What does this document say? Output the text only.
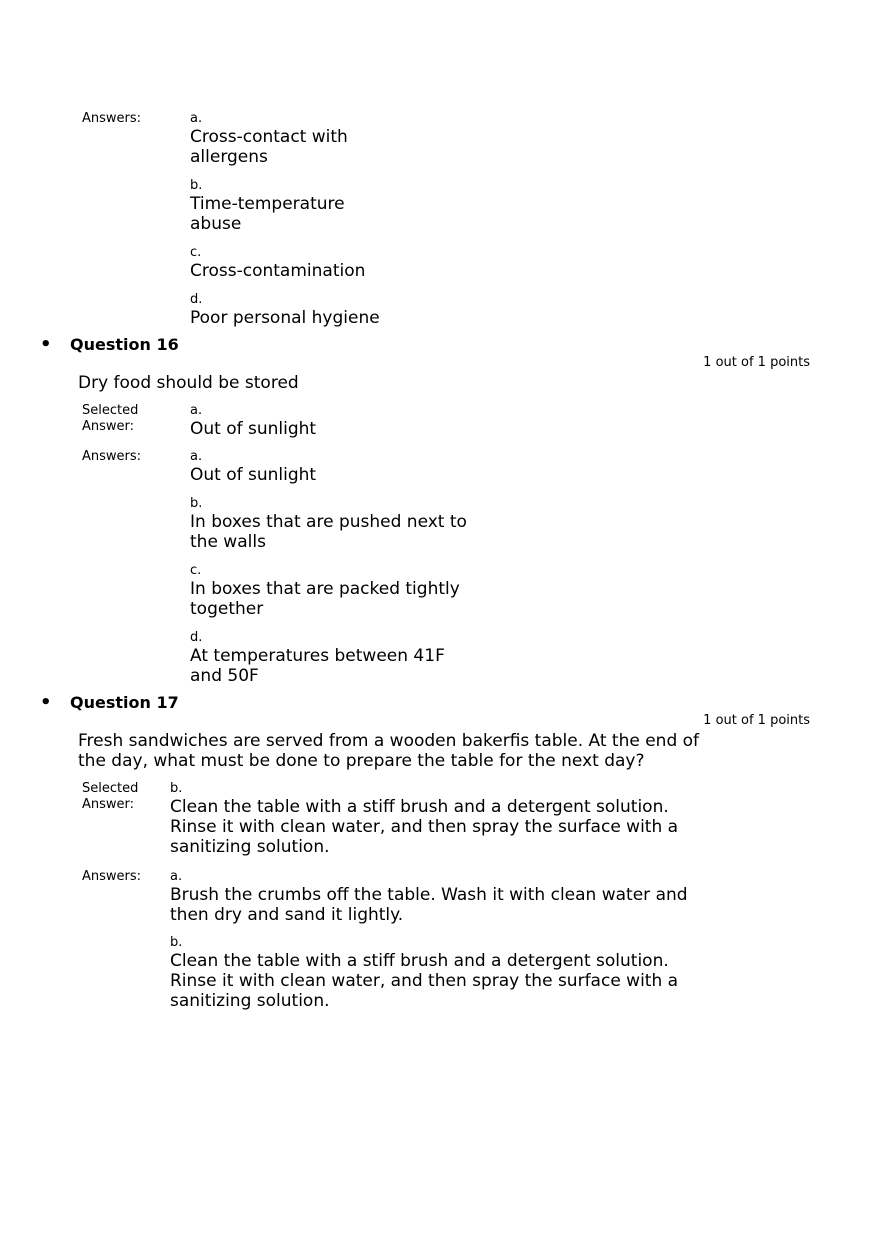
Answers:	a.
Cross-contact with allergens
b.
Time-temperature abuse
c.
Cross-contamination
d.
Poor personal hygiene
• Question 16
1 out of 1 points
Dry food should be stored
Selected
Answer:
a.
Out of sunlight
Answers:	a.
Out of sunlight
b.
In boxes that are pushed next to
the walls
c.
In boxes that are packed tightly
together
d.
At temperatures between 41F
and 50F
• Question 17
1 out of 1 points
Fresh sandwiches are served from a wooden bakerﬁs table. At the end of
the day, what must be done to prepare the table for the next day?
Selected
Answer:
b.
Clean the table with a stiff brush and a detergent solution.
Rinse it with clean water, and then spray the surface with a
sanitizing solution.
Answers: a.
Brush the crumbs off the table. Wash it with clean water and
then dry and sand it lightly.
b.
Clean the table with a stiff brush and a detergent solution.
Rinse it with clean water, and then spray the surface with a
sanitizing solution.
